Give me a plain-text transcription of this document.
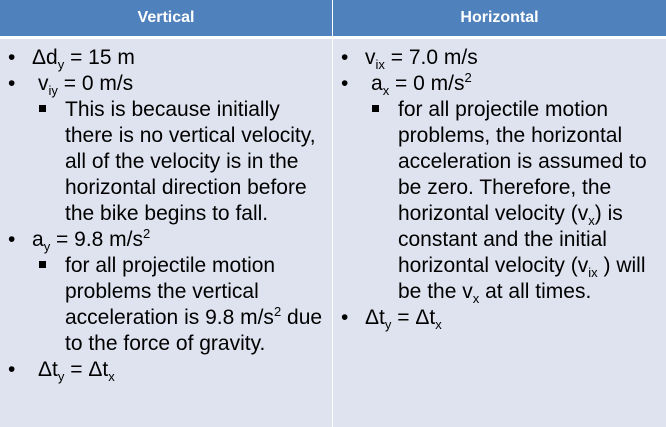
Vertical	Horizontal
• $\Delta d_y = 15$ m
• $v_{iy} = 0$ m/s
This is because initially there is no vertical velocity, all of the velocity is in the horizontal direction before the bike begins to fall.
• $a_y = 9.8$ $m/s^2$
for all projectile motion problems the vertical acceleration is 9.8 $m/s^2$ due to the force of gravity.
• $\Delta t_y = \Delta t_x$
• $v_{ix} = 7.0$ m/s
• $a_x = 0$ $m/s^2$
for all projectile motion problems, the horizontal acceleration is assumed to be zero. Therefore, the horizontal velocity $(v_x)$ is constant and the initial horizontal velocity ($v_{ix}$ ) will be the $v_x$ at all times.
• $\Delta t_y = \Delta t_x$
